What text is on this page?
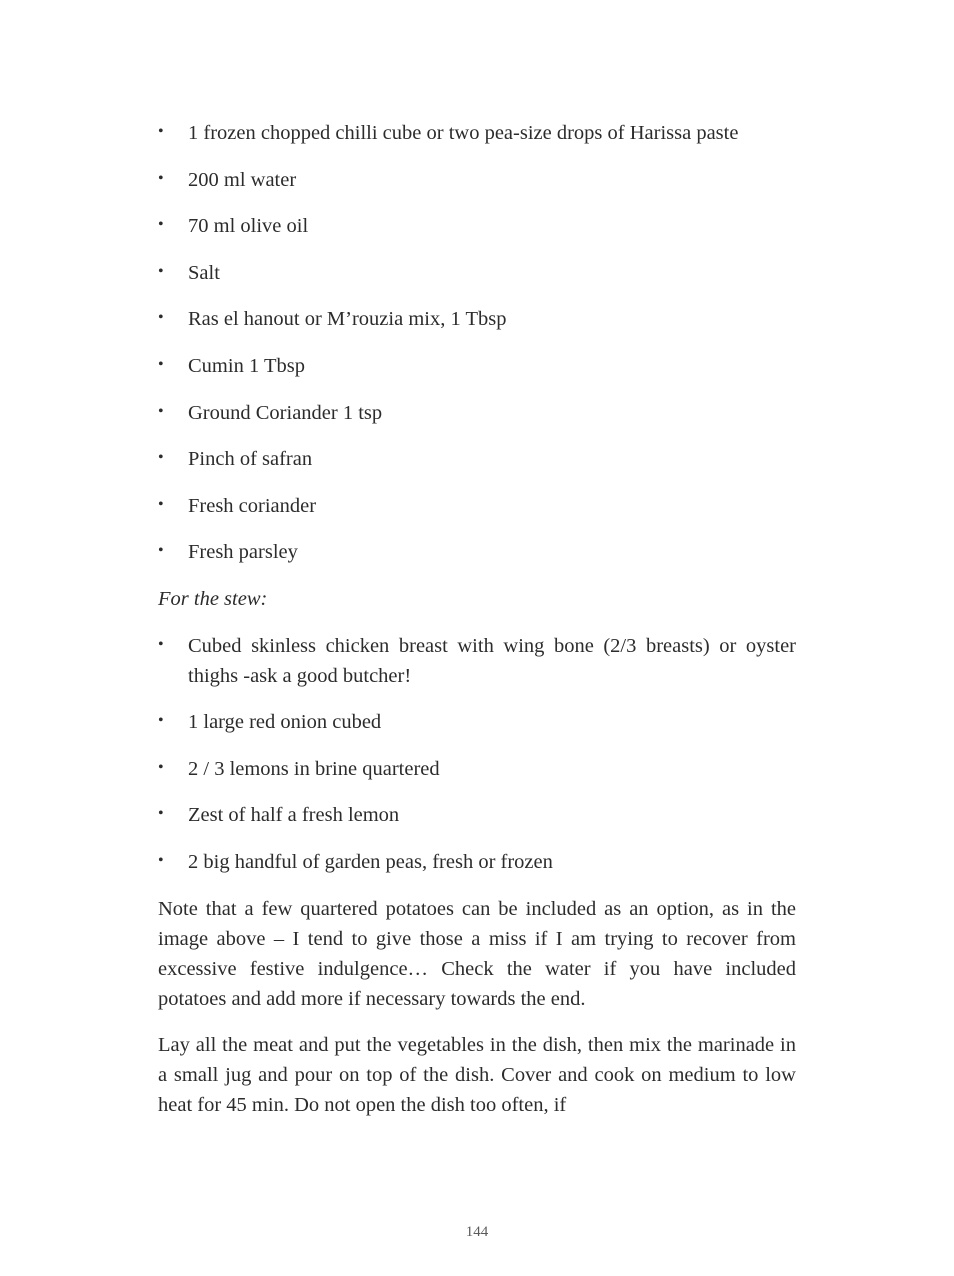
• 1 frozen chopped chilli cube or two pea-size drops of Harissa paste
• 200 ml water
• 70 ml olive oil
• Salt
• Ras el hanout or M’rouzia mix, 1 Tbsp
• Cumin 1 Tbsp
• Ground Coriander 1 tsp
• Pinch of safran
• Fresh coriander
• Fresh parsley

For the stew:

• Cubed skinless chicken breast with wing bone (2/3 breasts) or oyster thighs -ask a good butcher!
• 1 large red onion cubed
• 2 / 3 lemons in brine quartered
• Zest of half a fresh lemon
• 2 big handful of garden peas, fresh or frozen

Note that a few quartered potatoes can be included as an option, as in the image above – I tend to give those a miss if I am trying to recover from excessive festive indulgence… Check the water if you have included potatoes and add more if necessary towards the end.

Lay all the meat and put the vegetables in the dish, then mix the marinade in a small jug and pour on top of the dish. Cover and cook on medium to low heat for 45 min. Do not open the dish too often, if

144
